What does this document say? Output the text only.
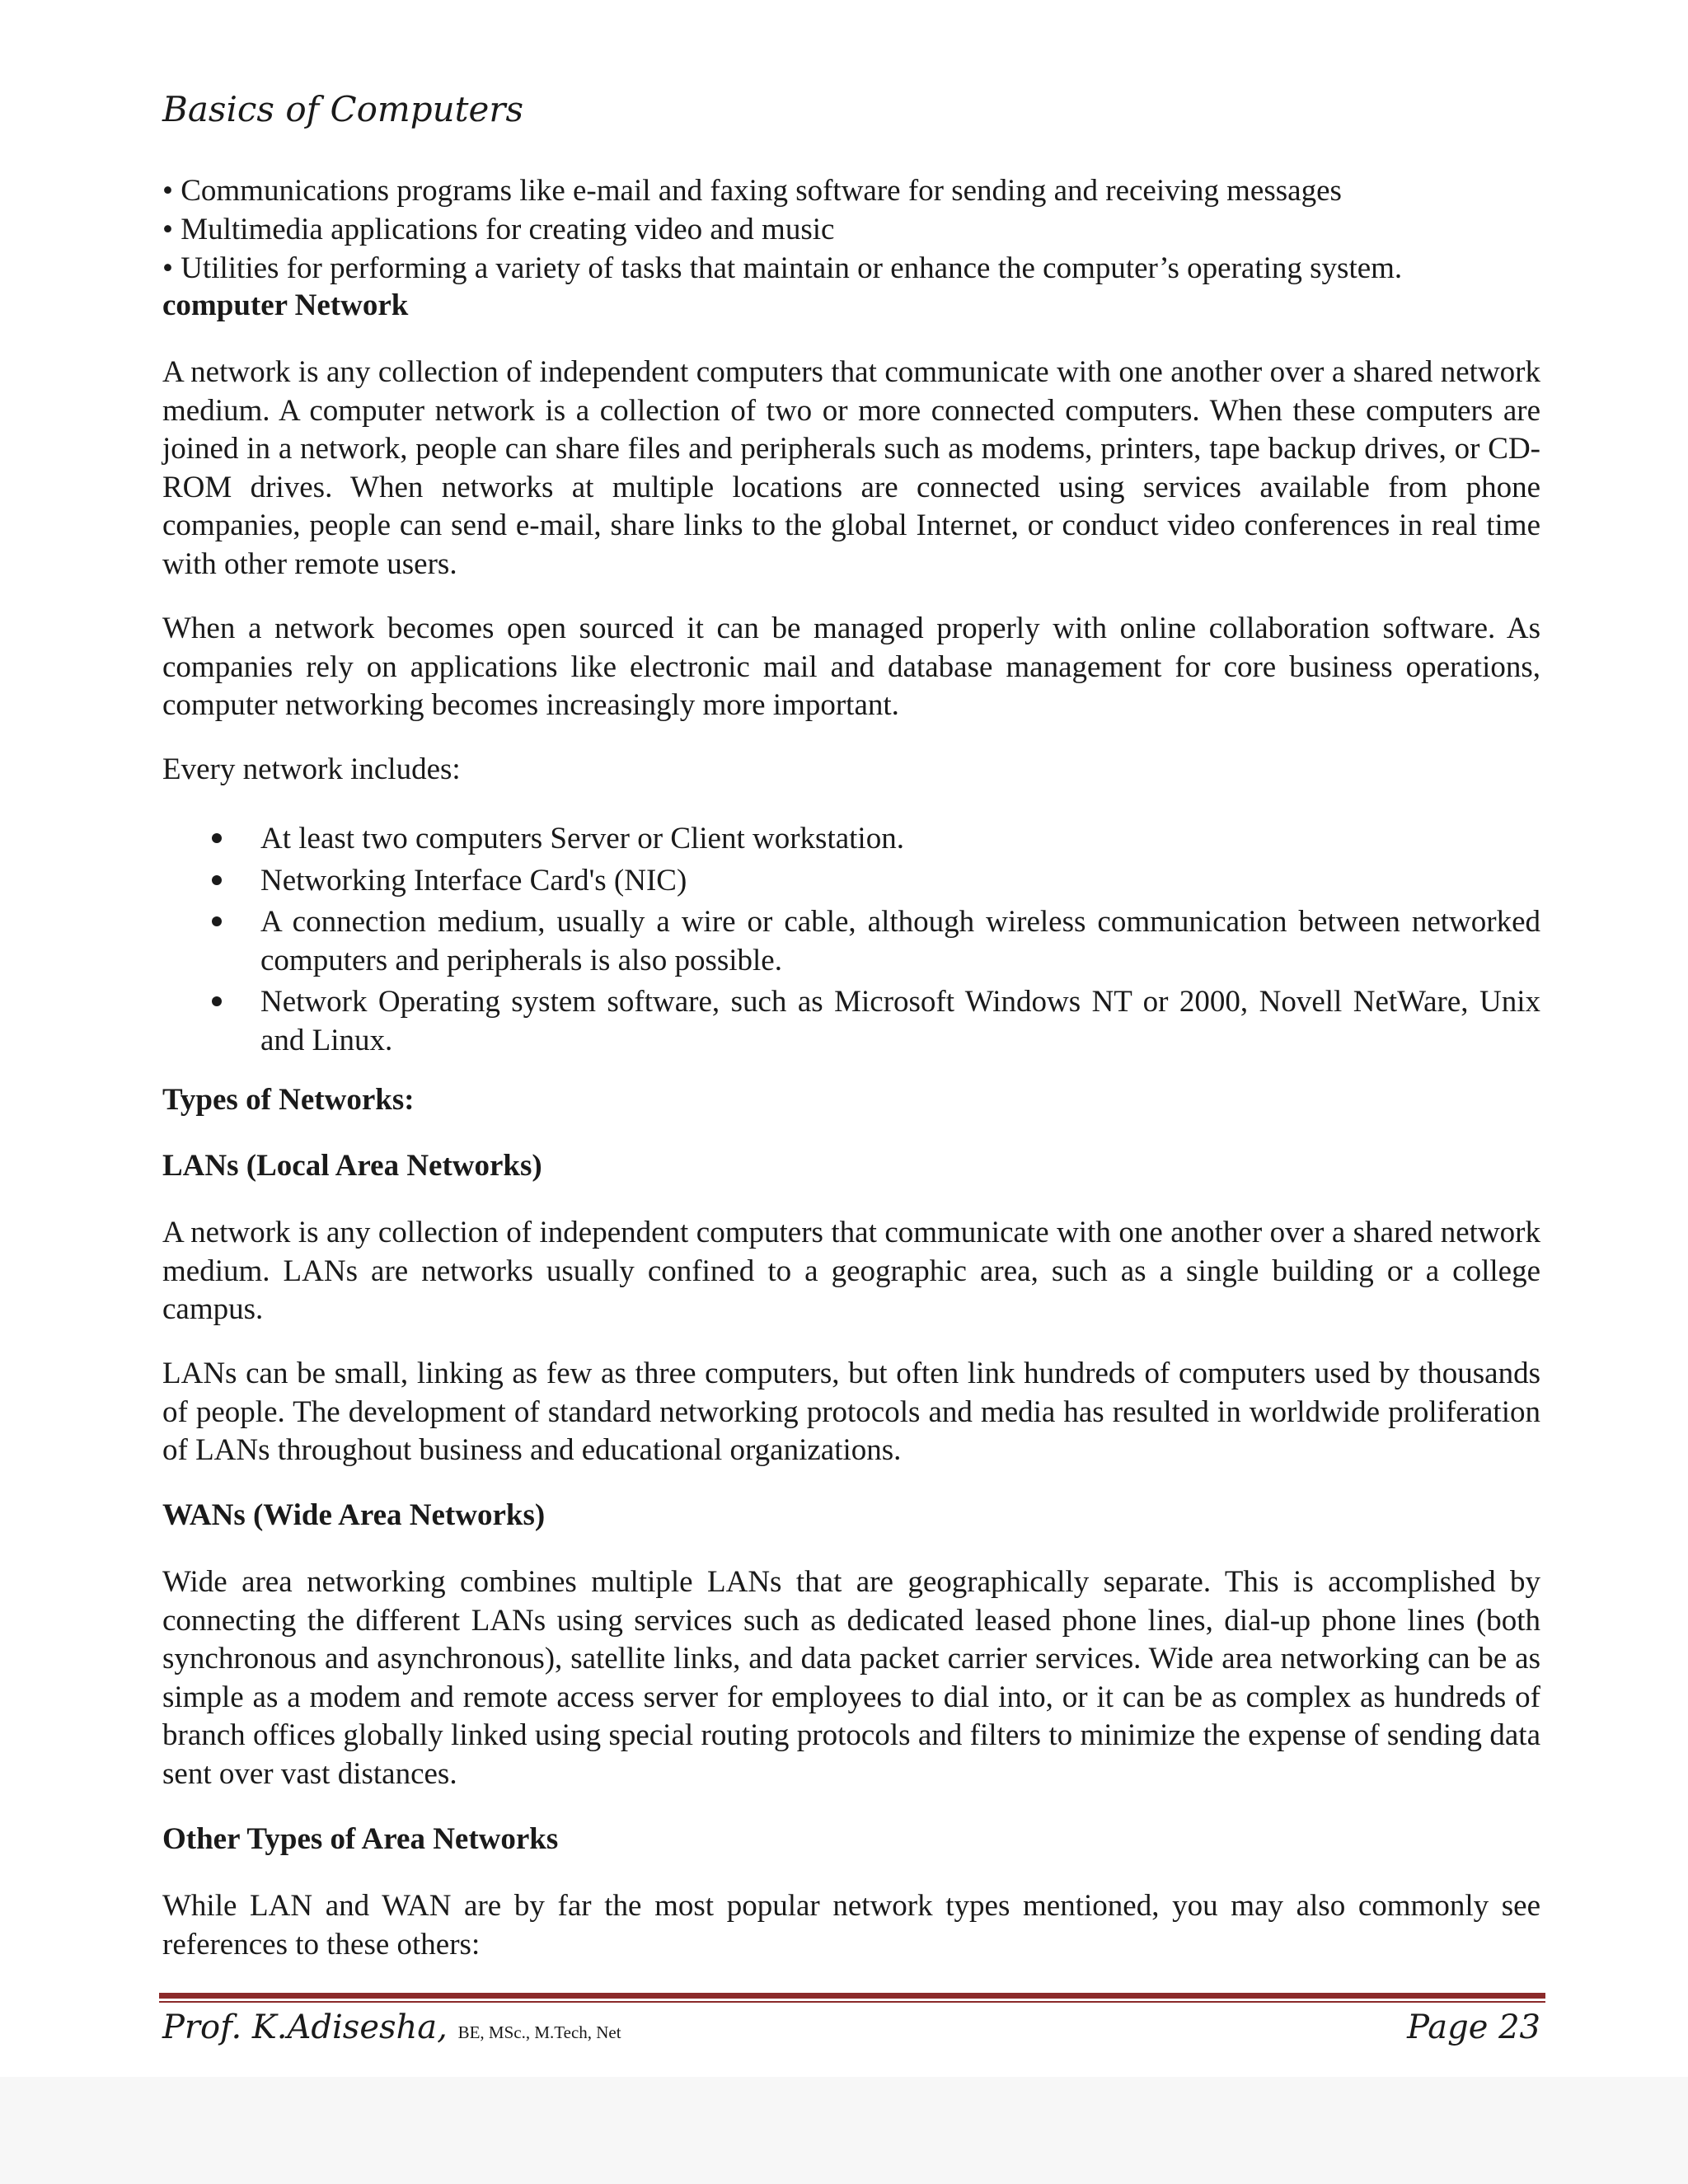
Basics of Computers

• Communications programs like e-mail and faxing software for sending and receiving messages

• Multimedia applications for creating video and music

• Utilities for performing a variety of tasks that maintain or enhance the computer’s operating system.

computer Network

A network is any collection of independent computers that communicate with one another over a shared network medium. A computer network is a collection of two or more connected computers. When these computers are joined in a network, people can share files and peripherals such as modems, printers, tape backup drives, or CD-ROM drives. When networks at multiple locations are connected using services available from phone companies, people can send e-mail, share links to the global Internet, or conduct video conferences in real time with other remote users.

When a network becomes open sourced it can be managed properly with online collaboration software. As companies rely on applications like electronic mail and database management for core business operations, computer networking becomes increasingly more important.

Every network includes:

At least two computers Server or Client workstation.
Networking Interface Card's (NIC)
A connection medium, usually a wire or cable, although wireless communication between networked computers and peripherals is also possible.
Network Operating system software, such as Microsoft Windows NT or 2000, Novell NetWare, Unix and Linux.

Types of Networks:

LANs (Local Area Networks)

A network is any collection of independent computers that communicate with one another over a shared network medium. LANs are networks usually confined to a geographic area, such as a single building or a college campus.

LANs can be small, linking as few as three computers, but often link hundreds of computers used by thousands of people. The development of standard networking protocols and media has resulted in worldwide proliferation of LANs throughout business and educational organizations.

WANs (Wide Area Networks)

Wide area networking combines multiple LANs that are geographically separate. This is accomplished by connecting the different LANs using services such as dedicated leased phone lines, dial-up phone lines (both synchronous and asynchronous), satellite links, and data packet carrier services. Wide area networking can be as simple as a modem and remote access server for employees to dial into, or it can be as complex as hundreds of branch offices globally linked using special routing protocols and filters to minimize the expense of sending data sent over vast distances.

Other Types of Area Networks

While LAN and WAN are by far the most popular network types mentioned, you may also commonly see references to these others:

Prof. K.Adisesha, BE, MSc., M.Tech, Net	Page 23
